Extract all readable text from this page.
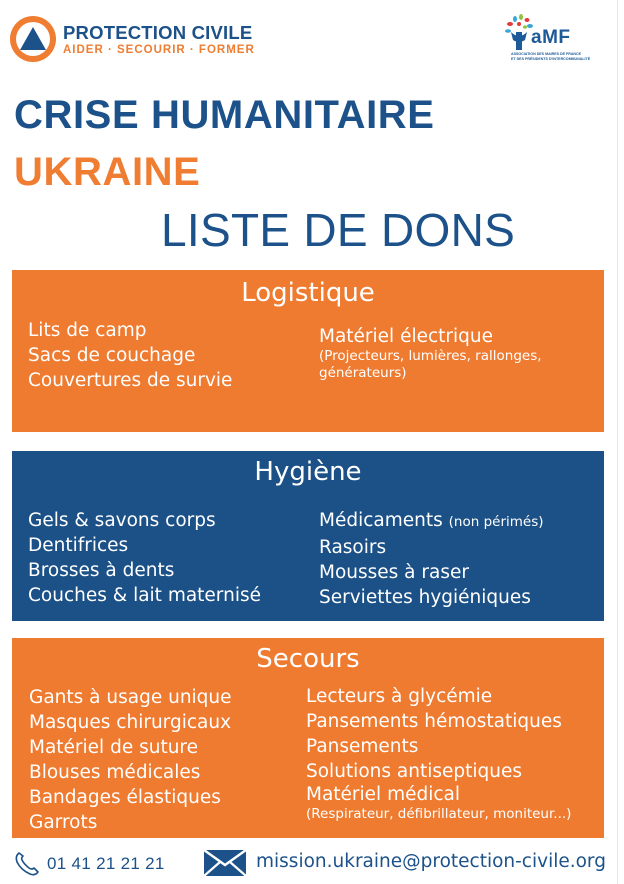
PROTECTION CIVILE
AIDER · SECOURIR · FORMER
aMF
ASSOCIATION DES MAIRES DE FRANCE
ET DES PRÉSIDENTS D'INTERCOMMUNALITÉ
CRISE HUMANITAIRE
UKRAINE
LISTE DE DONS
Logistique
Lits de camp
Sacs de couchage
Couvertures de survie
Matériel électrique
(Projecteurs, lumières, rallonges,
générateurs)
Hygiène
Gels & savons corps
Dentifrices
Brosses à dents
Couches & lait maternisé
Médicaments (non périmés)
Rasoirs
Mousses à raser
Serviettes hygiéniques
Secours
Gants à usage unique
Masques chirurgicaux
Matériel de suture
Blouses médicales
Bandages élastiques
Garrots
Lecteurs à glycémie
Pansements hémostatiques
Pansements
Solutions antiseptiques
Matériel médical
(Respirateur, défibrillateur, moniteur...)
01 41 21 21 21	mission.ukraine@protection-civile.org
